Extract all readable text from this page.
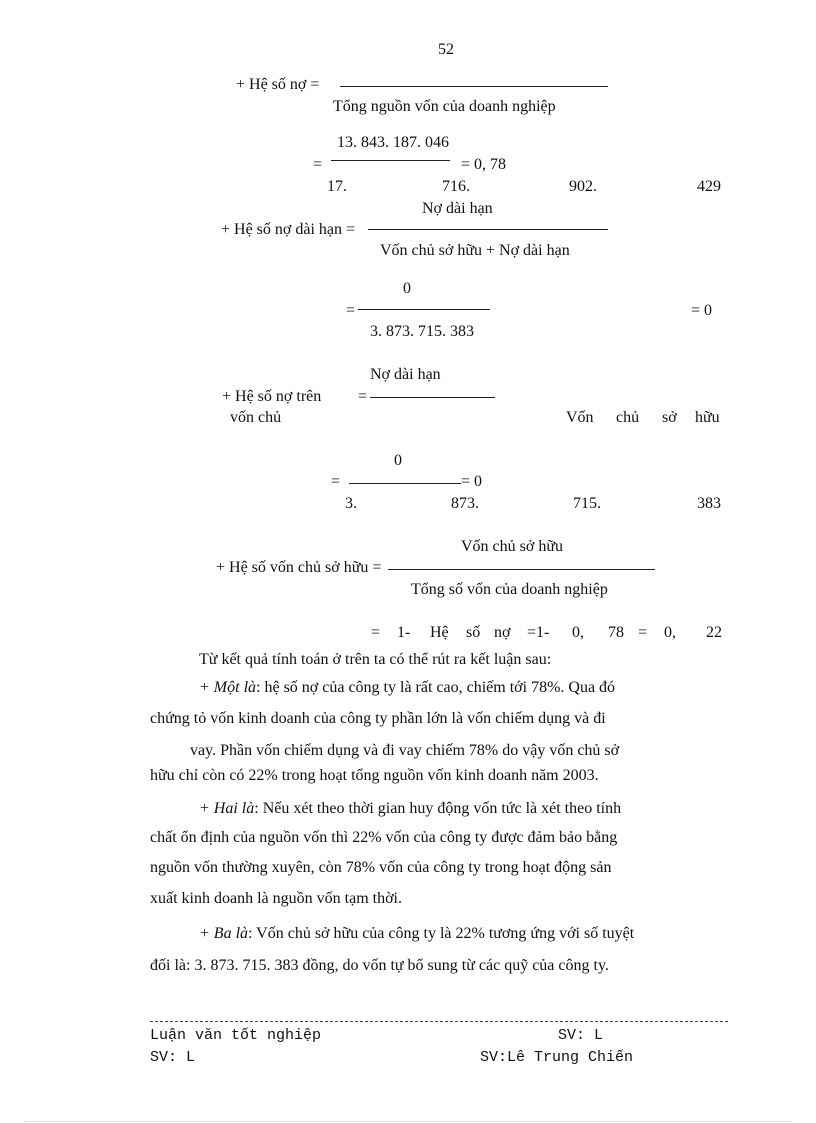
52
+ Hệ số nợ =
Tổng nguồn vốn của doanh nghiệp
13. 843. 187. 046
=	= 0, 78
17.	716.	902.	429
Nợ dài hạn
+ Hệ số nợ dài hạn =
Vốn chủ sở hữu + Nợ dài hạn
0
=	= 0
3. 873. 715. 383
Nợ dài hạn
+ Hệ số nợ trên =
vốn chủ	Vốn chủ sở hữu
0
=	= 0
3.	873.	715.	383
Vốn chủ sở hữu
+ Hệ số vốn chủ sở hữu =
Tổng số vốn của doanh nghiệp
= 1- Hệ số nợ =1- 0, 78 = 0, 22
Từ kết quả tính toán ở trên ta có thể rút ra kết luận sau:
+ Một là: hệ số nợ của công ty là rất cao, chiếm tới 78%. Qua đó
chứng tỏ vốn kinh doanh của công ty phần lớn là vốn chiếm dụng và đi
vay. Phần vốn chiếm dụng và đi vay chiếm 78% do vậy vốn chủ sở
hữu chỉ còn có 22% trong hoạt tổng nguồn vốn kinh doanh năm 2003.
+ Hai là: Nếu xét theo thời gian huy động vốn tức là xét theo tính
chất ổn định của nguồn vốn thì 22% vốn của công ty được đảm bảo bằng
nguồn vốn thường xuyên, còn 78% vốn của công ty trong hoạt động sản
xuất kinh doanh là nguồn vốn tạm thời.
+ Ba là: Vốn chủ sở hữu của công ty là 22% tương ứng với số tuyệt
đối là: 3. 873. 715. 383 đồng, do vốn tự bổ sung từ các quỹ của công ty.
Luận văn tốt nghiệp	SV: L
SV: L	SV:Lê Trung Chiến
